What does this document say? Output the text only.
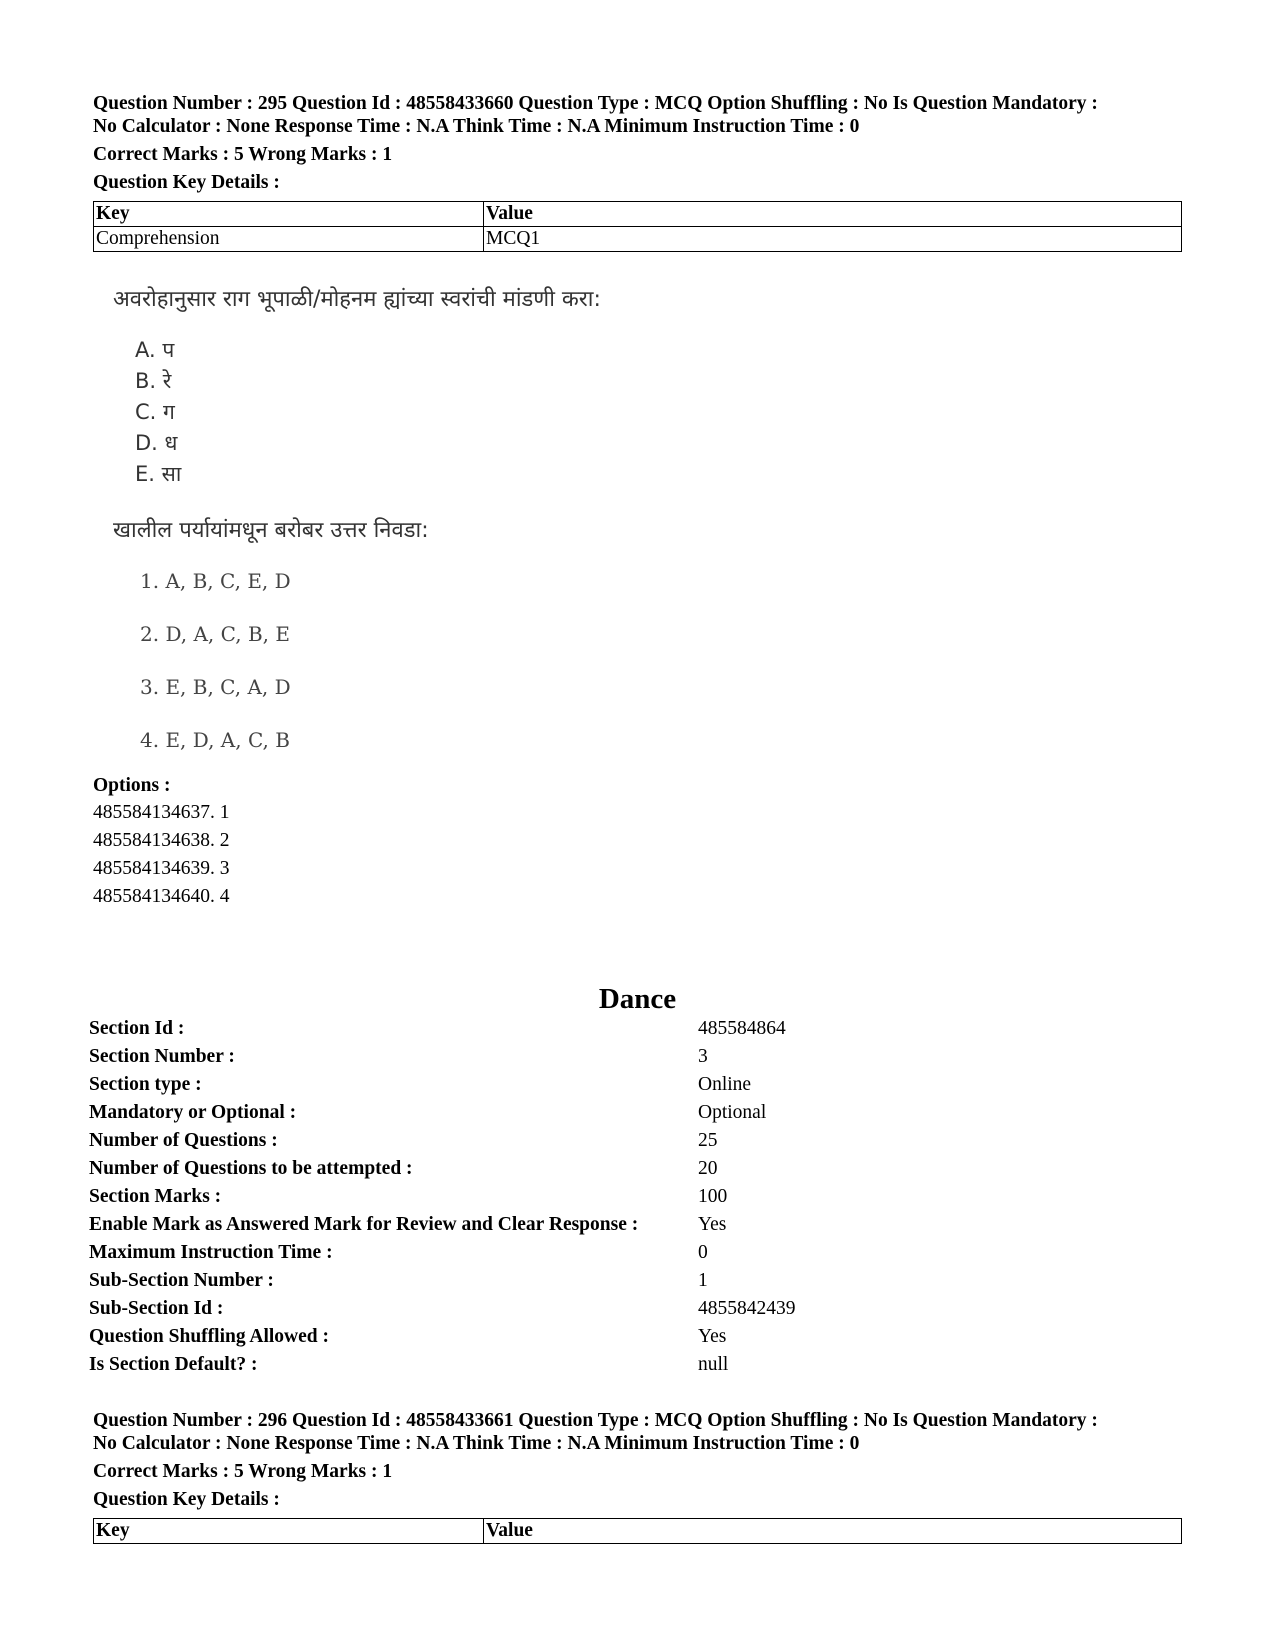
Question Number : 295 Question Id : 48558433660 Question Type : MCQ Option Shuffling : No Is Question Mandatory :
No Calculator : None Response Time : N.A Think Time : N.A Minimum Instruction Time : 0
Correct Marks : 5 Wrong Marks : 1
Question Key Details :
Key	Value
Comprehension	MCQ1
अवरोहानुसार राग भूपाळी/मोहनम ह्यांच्या स्वरांची मांडणी करा:
A. प
B. रे
C. ग
D. ध
E. सा
खालील पर्यायांमधून बरोबर उत्तर निवडा:
1. A, B, C, E, D
2. D, A, C, B, E
3. E, B, C, A, D
4. E, D, A, C, B
Options :
485584134637. 1
485584134638. 2
485584134639. 3
485584134640. 4
Dance
Section Id :	485584864
Section Number :	3
Section type :	Online
Mandatory or Optional :	Optional
Number of Questions :	25
Number of Questions to be attempted :	20
Section Marks :	100
Enable Mark as Answered Mark for Review and Clear Response :	Yes
Maximum Instruction Time :	0
Sub-Section Number :	1
Sub-Section Id :	4855842439
Question Shuffling Allowed :	Yes
Is Section Default? :	null
Question Number : 296 Question Id : 48558433661 Question Type : MCQ Option Shuffling : No Is Question Mandatory :
No Calculator : None Response Time : N.A Think Time : N.A Minimum Instruction Time : 0
Correct Marks : 5 Wrong Marks : 1
Question Key Details :
Key	Value
